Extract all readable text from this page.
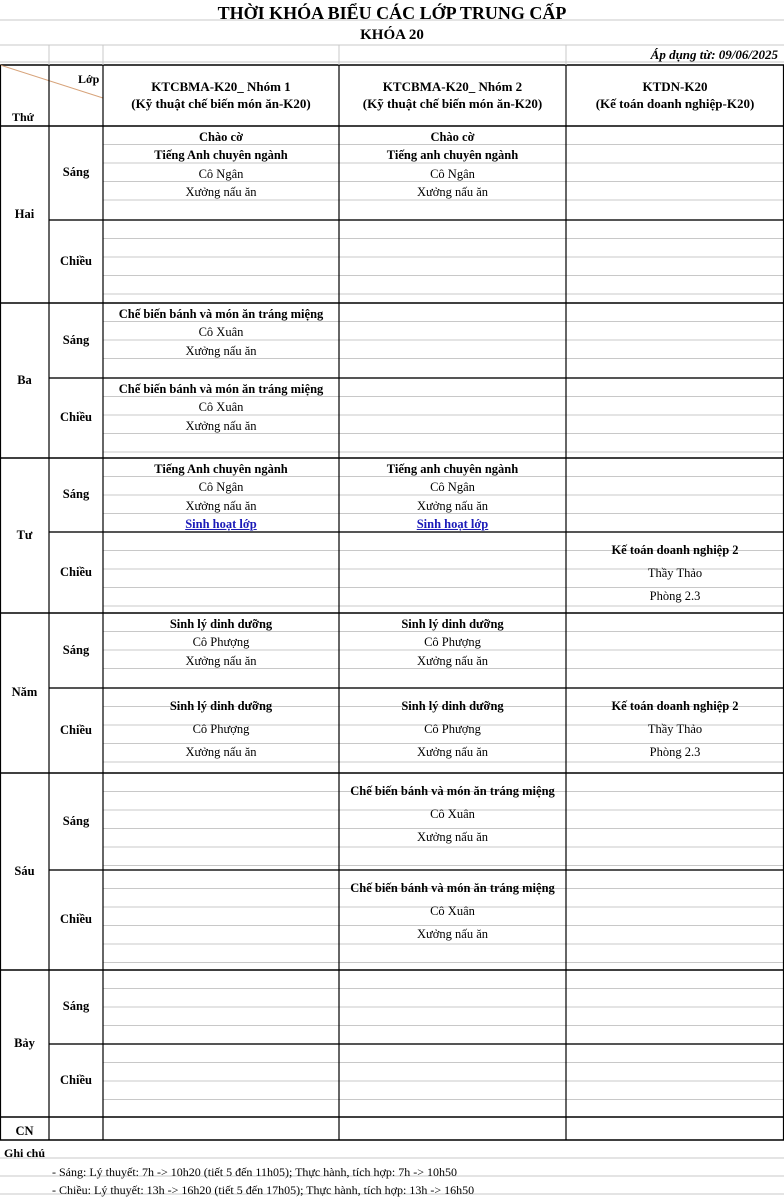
THỜI KHÓA BIỂU CÁC LỚP TRUNG CẤP
KHÓA 20
Áp dụng từ: 09/06/2025
Lớp
Thứ
KTCBMA-K20_ Nhóm 1
(Kỹ thuật chế biến món ăn-K20)
KTCBMA-K20_ Nhóm 2
(Kỹ thuật chế biến món ăn-K20)
KTDN-K20
(Kế toán doanh nghiệp-K20)
Hai
Sáng
Chào cờ
Tiếng Anh chuyên ngành
Cô Ngân
Xưởng nấu ăn
Chào cờ
Tiếng anh chuyên ngành
Cô Ngân
Xưởng nấu ăn
Chiều
Ba
Sáng
Chế biến bánh và món ăn tráng miệng
Cô Xuân
Xưởng nấu ăn
Chiều
Chế biến bánh và món ăn tráng miệng
Cô Xuân
Xưởng nấu ăn
Tư
Sáng
Tiếng Anh chuyên ngành
Cô Ngân
Xưởng nấu ăn
Sinh hoạt lớp
Tiếng anh chuyên ngành
Cô Ngân
Xưởng nấu ăn
Sinh hoạt lớp
Chiều
Kế toán doanh nghiệp 2
Thầy Thảo
Phòng 2.3
Năm
Sáng
Sinh lý dinh dưỡng
Cô Phượng
Xưởng nấu ăn
Sinh lý dinh dưỡng
Cô Phượng
Xưởng nấu ăn
Chiều
Sinh lý dinh dưỡng
Cô Phượng
Xưởng nấu ăn
Sinh lý dinh dưỡng
Cô Phượng
Xưởng nấu ăn
Kế toán doanh nghiệp 2
Thầy Thảo
Phòng 2.3
Sáu
Sáng
Chế biến bánh và món ăn tráng miệng
Cô Xuân
Xưởng nấu ăn
Chiều
Chế biến bánh và món ăn tráng miệng
Cô Xuân
Xưởng nấu ăn
Bảy
Sáng
Chiều
CN
Ghi chú
- Sáng: Lý thuyết: 7h -> 10h20 (tiết 5 đến 11h05); Thực hành, tích hợp: 7h -> 10h50
- Chiều: Lý thuyết: 13h -> 16h20 (tiết 5 đến 17h05); Thực hành, tích hợp: 13h -> 16h50
